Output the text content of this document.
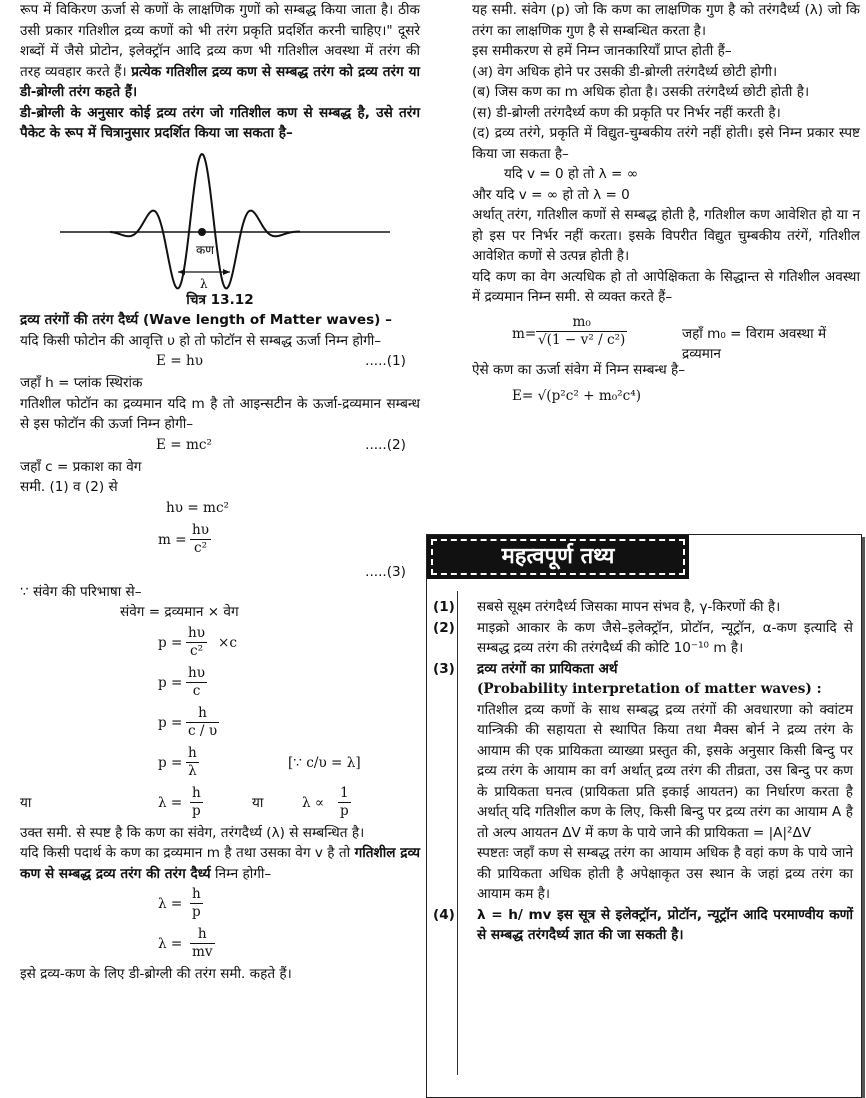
रूप में विकिरण ऊर्जा से कणों के लाक्षणिक गुणों को सम्बद्ध किया जाता है। ठीक उसी प्रकार गतिशील द्रव्य कणों को भी तरंग प्रकृति प्रदर्शित करनी चाहिए।" दूसरे शब्दों में जैसे प्रोटोन, इलेक्ट्रॉन आदि द्रव्य कण भी गतिशील अवस्था में तरंग की तरह व्यवहार करते हैं। प्रत्येक गतिशील द्रव्य कण से सम्बद्ध तरंग को द्रव्य तरंग या डी-ब्रोग्ली तरंग कहते हैं।

डी-ब्रोग्ली के अनुसार कोई द्रव्य तरंग जो गतिशील कण से सम्बद्ध है, उसे तरंग पैकेट के रूप में चित्रानुसार प्रदर्शित किया जा सकता है–

कण
λ
चित्र 13.12

द्रव्य तरंगों की तरंग दैर्ध्य (Wave length of Matter waves) –

यदि किसी फोटोन की आवृत्ति υ हो तो फोटॉन से सम्बद्ध ऊर्जा निम्न होगी–

E = hυ	.....(1)

जहाँ h = प्लांक स्थिरांक

गतिशील फोटॉन का द्रव्यमान यदि m है तो आइन्सटीन के ऊर्जा-द्रव्यमान सम्बन्ध से इस फोटॉन की ऊर्जा निम्न होगी–

E = mc²	.....(2)

जहाँ c = प्रकाश का वेग

समी. (1) व (2) से

hυ = mc²
$m = \frac{h\upsilon}{\text{c²}}$
.....(3)

∵ संवेग की परिभाषा से–

संवेग = द्रव्यमान × वेग

$p = \frac{h\upsilon}{\text{c²}} \times c$
$p = \frac{h\upsilon}{c}$
$p = \frac{h}{c / \upsilon}$
$p = \frac{h}{\lambda}$	[∵ c/υ = λ]
या	$\lambda = \frac{h}{p}$	या	$\lambda \propto \frac{1}{p}$

उक्त समी. से स्पष्ट है कि कण का संवेग, तरंगदैर्ध्य (λ) से सम्बन्धित है।

यदि किसी पदार्थ के कण का द्रव्यमान m है तथा उसका वेग v है तो गतिशील द्रव्य कण से सम्बद्ध द्रव्य तरंग की तरंग दैर्ध्य निम्न होगी–

$\lambda = \frac{h}{p}$
$\lambda = \frac{h}{mv}$

इसे द्रव्य-कण के लिए डी-ब्रोग्ली की तरंग समी. कहते हैं।

यह समी. संवेग (p) जो कि कण का लाक्षणिक गुण है को तरंगदैर्ध्य (λ) जो कि तरंग का लाक्षणिक गुण है से सम्बन्धित करता है।

इस समीकरण से हमें निम्न जानकारियाँ प्राप्त होती हैं–

(अ) वेग अधिक होने पर उसकी डी-ब्रोग्ली तरंगदैर्ध्य छोटी होगी।

(ब) जिस कण का m अधिक होता है। उसकी तरंगदैर्ध्य छोटी होती है।

(स) डी-ब्रोग्ली तरंगदैर्ध्य कण की प्रकृति पर निर्भर नहीं करती है।

(द) द्रव्य तरंगे, प्रकृति में विद्युत-चुम्बकीय तरंगे नहीं होती। इसे निम्न प्रकार स्पष्ट किया जा सकता है–

यदि v = 0 हो तो λ = ∞

और यदि v = ∞ हो तो λ = 0

अर्थात् तरंग, गतिशील कणों से सम्बद्ध होती है, गतिशील कण आवेशित हो या न हो इस पर निर्भर नहीं करता। इसके विपरीत विद्युत चुम्बकीय तरंगें, गतिशील आवेशित कणों से उत्पन्न होती है।

यदि कण का वेग अत्यधिक हो तो आपेक्षिकता के सिद्धान्त से गतिशील अवस्था में द्रव्यमान निम्न समी. से व्यक्त करते हैं–

$m= \frac{\text{m₀}}{\text{√(1 − v² / c²)}}$	जहाँ m₀ = विराम अवस्था में द्रव्यमान

ऐसे कण का ऊर्जा संवेग में निम्न सम्बन्ध है–

E= √(p²c² + m₀²c⁴)
महत्वपूर्ण तथ्य
(1) सबसे सूक्ष्म तरंगदैर्ध्य जिसका मापन संभव है, γ-किरणों की है।

(2) माइक्रो आकार के कण जैसे–इलेक्ट्रॉन, प्रोटॉन, न्यूट्रॉन, α-कण इत्यादि से सम्बद्ध द्रव्य तरंग की तरंगदैर्ध्य की कोटि 10⁻¹⁰ m है।

(3) द्रव्य तरंगों का प्रायिकता अर्थ

(Probability interpretation of matter waves) :

गतिशील द्रव्य कणों के साथ सम्बद्ध द्रव्य तरंगों की अवधारणा को क्वांटम यान्त्रिकी की सहायता से स्थापित किया तथा मैक्स बोर्न ने द्रव्य तरंग के आयाम की एक प्रायिकता व्याख्या प्रस्तुत की, इसके अनुसार किसी बिन्दु पर द्रव्य तरंग के आयाम का वर्ग अर्थात् द्रव्य तरंग की तीव्रता, उस बिन्दु पर कण के प्रायिकता घनत्व (प्रायिकता प्रति इकाई आयतन) का निर्धारण करता है अर्थात् यदि गतिशील कण के लिए, किसी बिन्दु पर द्रव्य तरंग का आयाम A है तो अल्प आयतन ΔV में कण के पाये जाने की प्रायिकता = |A|²ΔV

स्पष्टतः जहाँ कण से सम्बद्ध तरंग का आयाम अधिक है वहां कण के पाये जाने की प्रायिकता अधिक होती है अपेक्षाकृत उस स्थान के जहां द्रव्य तरंग का आयाम कम है।

(4) λ = h/ mv इस सूत्र से इलेक्ट्रॉन, प्रोटॉन, न्यूट्रॉन आदि परमाण्वीय कणों से सम्बद्ध तरंगदैर्ध्य ज्ञात की जा सकती है।
